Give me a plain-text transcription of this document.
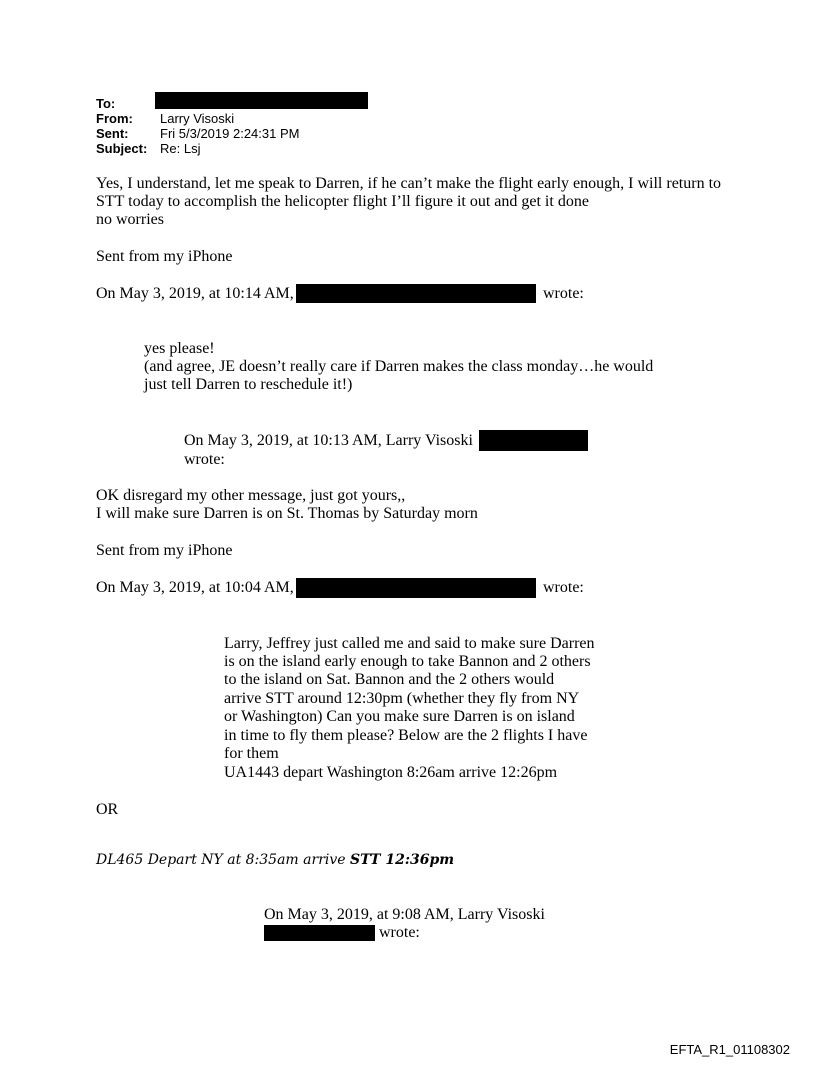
To:
From: Larry Visoski
Sent: Fri 5/3/2019 2:24:31 PM
Subject: Re: Lsj
Yes, I understand, let me speak to Darren, if he can’t make the flight early enough, I will return to
STT today to accomplish the helicopter flight I’ll figure it out and get it done
no worries
Sent from my iPhone
On May 3, 2019, at 10:14 AM,	wrote:
yes please!
(and agree, JE doesn’t really care if Darren makes the class monday…he would
just tell Darren to reschedule it!)
On May 3, 2019, at 10:13 AM, Larry Visoski
wrote:
OK disregard my other message, just got yours,,
I will make sure Darren is on St. Thomas by Saturday morn
Sent from my iPhone
On May 3, 2019, at 10:04 AM,	wrote:
Larry, Jeffrey just called me and said to make sure Darren
is on the island early enough to take Bannon and 2 others
to the island on Sat. Bannon and the 2 others would
arrive STT around 12:30pm (whether they fly from NY
or Washington) Can you make sure Darren is on island
in time to fly them please? Below are the 2 flights I have
for them
UA1443 depart Washington 8:26am arrive 12:26pm
OR
DL465 Depart NY at 8:35am arrive STT 12:36pm
On May 3, 2019, at 9:08 AM, Larry Visoski
wrote:
EFTA_R1_01108302
